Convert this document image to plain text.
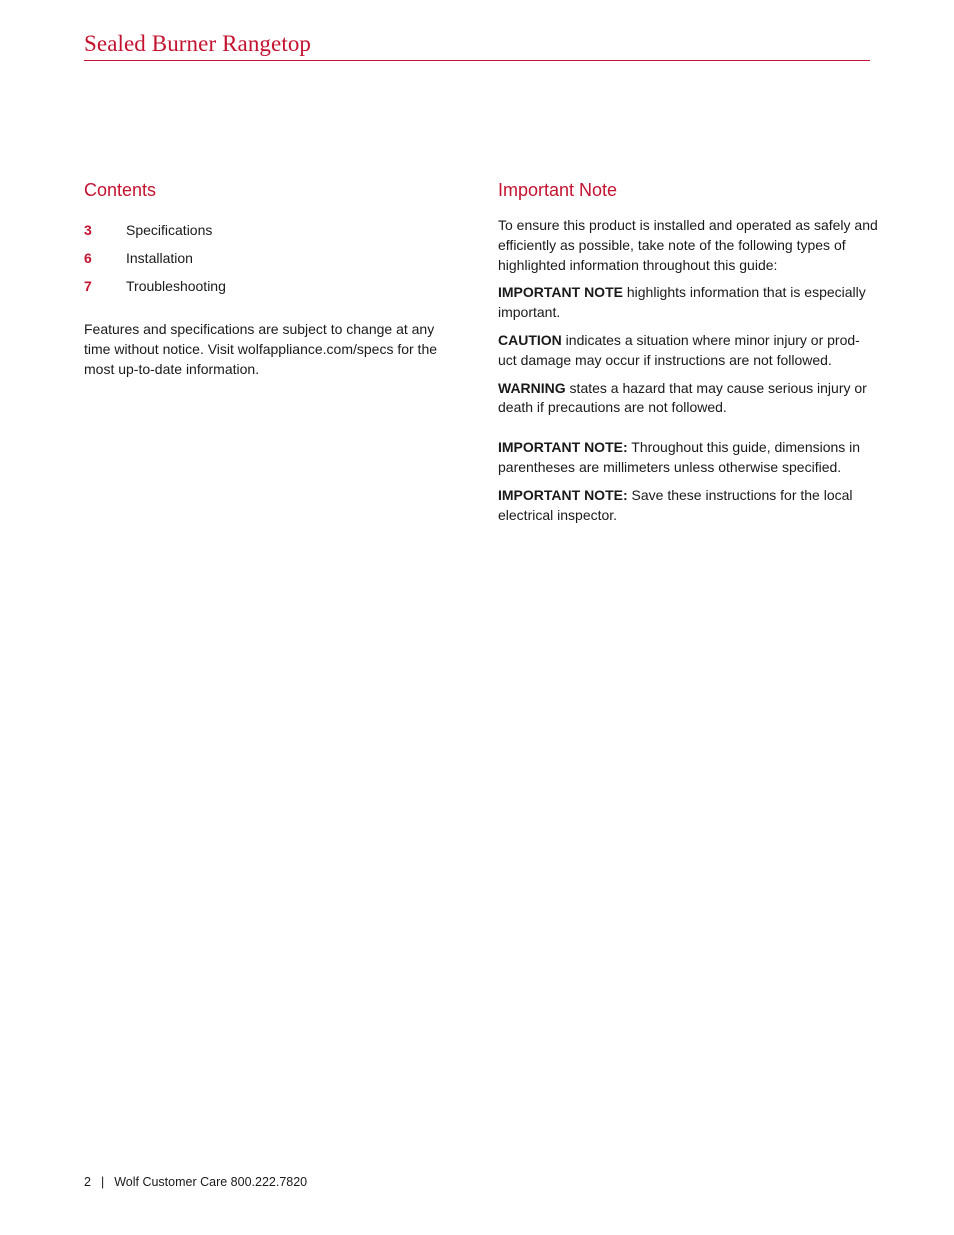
Sealed Burner Rangetop
Contents
3	Specifications
6	Installation
7	Troubleshooting

Features and specifications are subject to change at any time without notice. Visit wolfappliance.com/specs for the most up-to-date information.

Important Note

To ensure this product is installed and operated as safely and efficiently as possible, take note of the following types of highlighted information throughout this guide:

IMPORTANT NOTE highlights information that is especially important.

CAUTION indicates a situation where minor injury or prod- uct damage may occur if instructions are not followed.

WARNING states a hazard that may cause serious injury or death if precautions are not followed.

IMPORTANT NOTE: Throughout this guide, dimensions in parentheses are millimeters unless otherwise specified.

IMPORTANT NOTE: Save these instructions for the local electrical inspector.

2 | Wolf Customer Care 800.222.7820
